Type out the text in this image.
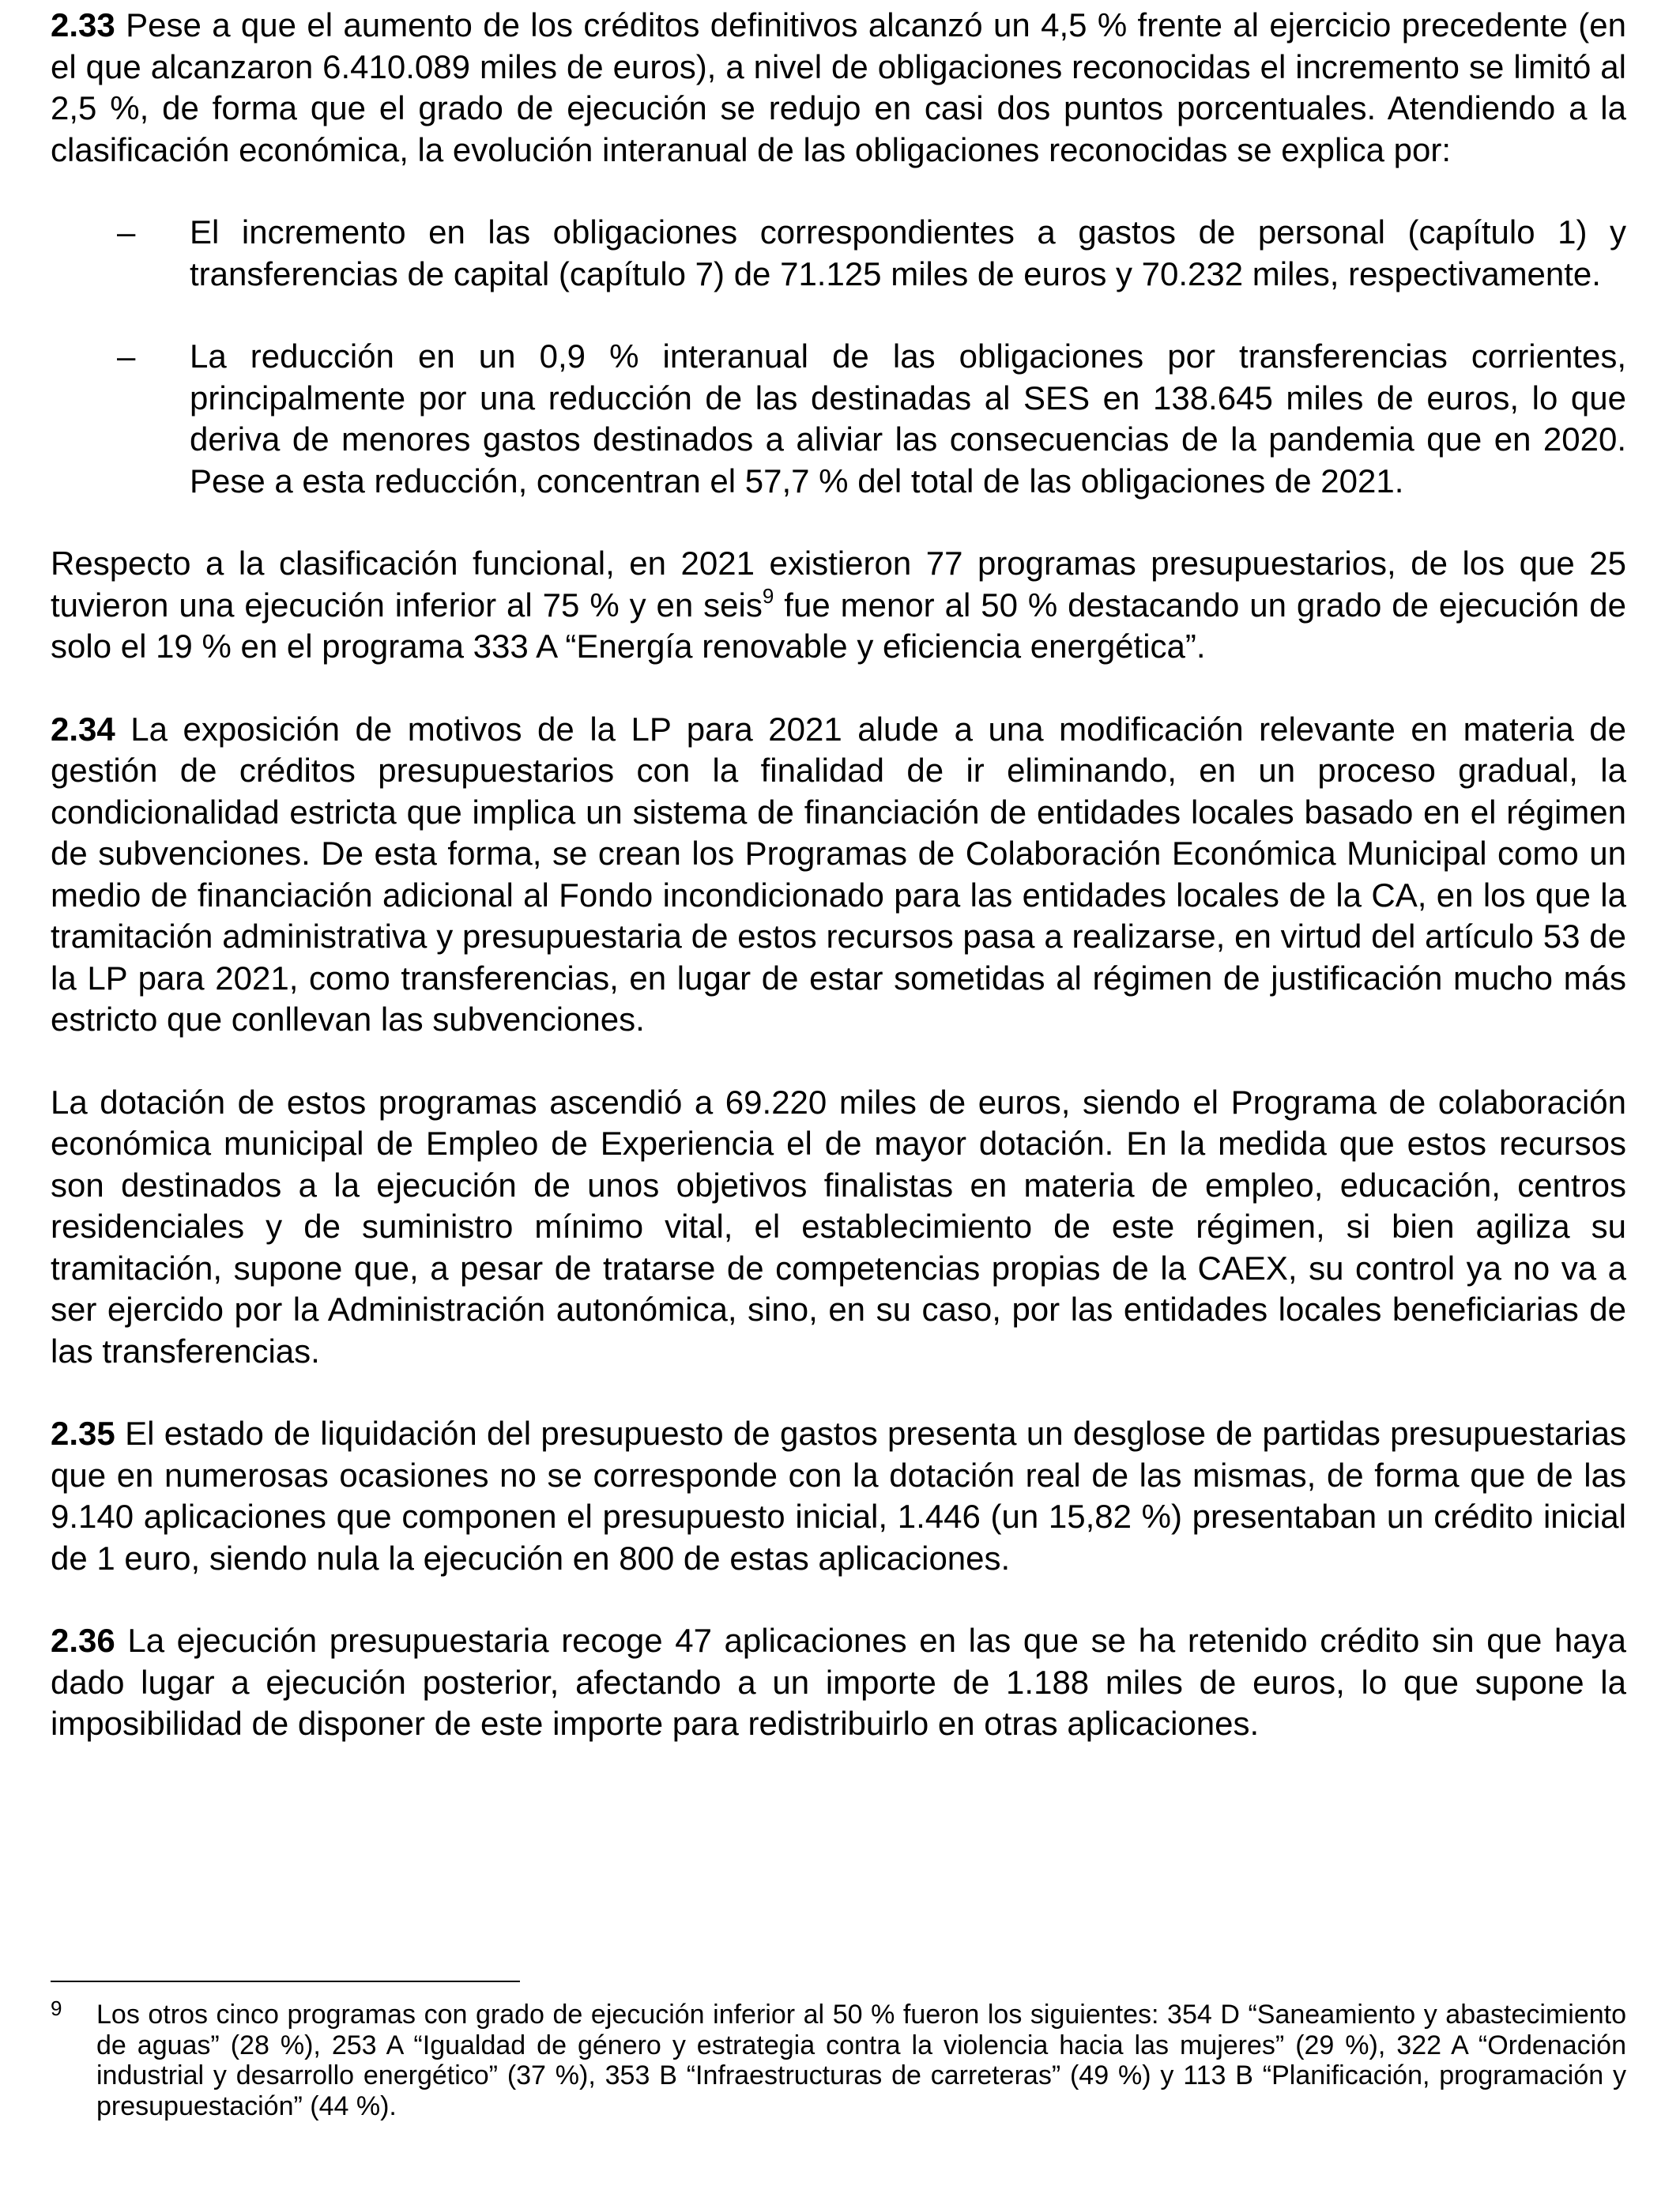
2.33 Pese a que el aumento de los créditos definitivos alcanzó un 4,5 % frente al ejercicio precedente (en el que alcanzaron 6.410.089 miles de euros), a nivel de obligaciones reconocidas el incremento se limitó al 2,5 %, de forma que el grado de ejecución se redujo en casi dos puntos porcentuales. Atendiendo a la clasificación económica, la evolución interanual de las obligaciones reconocidas se explica por:

–	El incremento en las obligaciones correspondientes a gastos de personal (capítulo 1) y transferencias de capital (capítulo 7) de 71.125 miles de euros y 70.232 miles, respectivamente.

–	La reducción en un 0,9 % interanual de las obligaciones por transferencias corrientes, principalmente por una reducción de las destinadas al SES en 138.645 miles de euros, lo que deriva de menores gastos destinados a aliviar las consecuencias de la pandemia que en 2020. Pese a esta reducción, concentran el 57,7 % del total de las obligaciones de 2021.

Respecto a la clasificación funcional, en 2021 existieron 77 programas presupuestarios, de los que 25 tuvieron una ejecución inferior al 75 % y en seis$^9$ fue menor al 50 % destacando un grado de ejecución de solo el 19 % en el programa 333 A “Energía renovable y eficiencia energética”.

2.34 La exposición de motivos de la LP para 2021 alude a una modificación relevante en materia de gestión de créditos presupuestarios con la finalidad de ir eliminando, en un proceso gradual, la condicionalidad estricta que implica un sistema de financiación de entidades locales basado en el régimen de subvenciones. De esta forma, se crean los Programas de Colaboración Económica Municipal como un medio de financiación adicional al Fondo incondicionado para las entidades locales de la CA, en los que la tramitación administrativa y presupuestaria de estos recursos pasa a realizarse, en virtud del artículo 53 de la LP para 2021, como transferencias, en lugar de estar sometidas al régimen de justificación mucho más estricto que conllevan las subvenciones.

La dotación de estos programas ascendió a 69.220 miles de euros, siendo el Programa de colaboración económica municipal de Empleo de Experiencia el de mayor dotación. En la medida que estos recursos son destinados a la ejecución de unos objetivos finalistas en materia de empleo, educación, centros residenciales y de suministro mínimo vital, el establecimiento de este régimen, si bien agiliza su tramitación, supone que, a pesar de tratarse de competencias propias de la CAEX, su control ya no va a ser ejercido por la Administración autonómica, sino, en su caso, por las entidades locales beneficiarias de las transferencias.

2.35 El estado de liquidación del presupuesto de gastos presenta un desglose de partidas presupuestarias que en numerosas ocasiones no se corresponde con la dotación real de las mismas, de forma que de las 9.140 aplicaciones que componen el presupuesto inicial, 1.446 (un 15,82 %) presentaban un crédito inicial de 1 euro, siendo nula la ejecución en 800 de estas aplicaciones.

2.36 La ejecución presupuestaria recoge 47 aplicaciones en las que se ha retenido crédito sin que haya dado lugar a ejecución posterior, afectando a un importe de 1.188 miles de euros, lo que supone la imposibilidad de disponer de este importe para redistribuirlo en otras aplicaciones.

9	Los otros cinco programas con grado de ejecución inferior al 50 % fueron los siguientes: 354 D “Saneamiento y abastecimiento de aguas” (28 %), 253 A “Igualdad de género y estrategia contra la violencia hacia las mujeres” (29 %), 322 A “Ordenación industrial y desarrollo energético” (37 %), 353 B “Infraestructuras de carreteras” (49 %) y 113 B “Planificación, programación y presupuestación” (44 %).
